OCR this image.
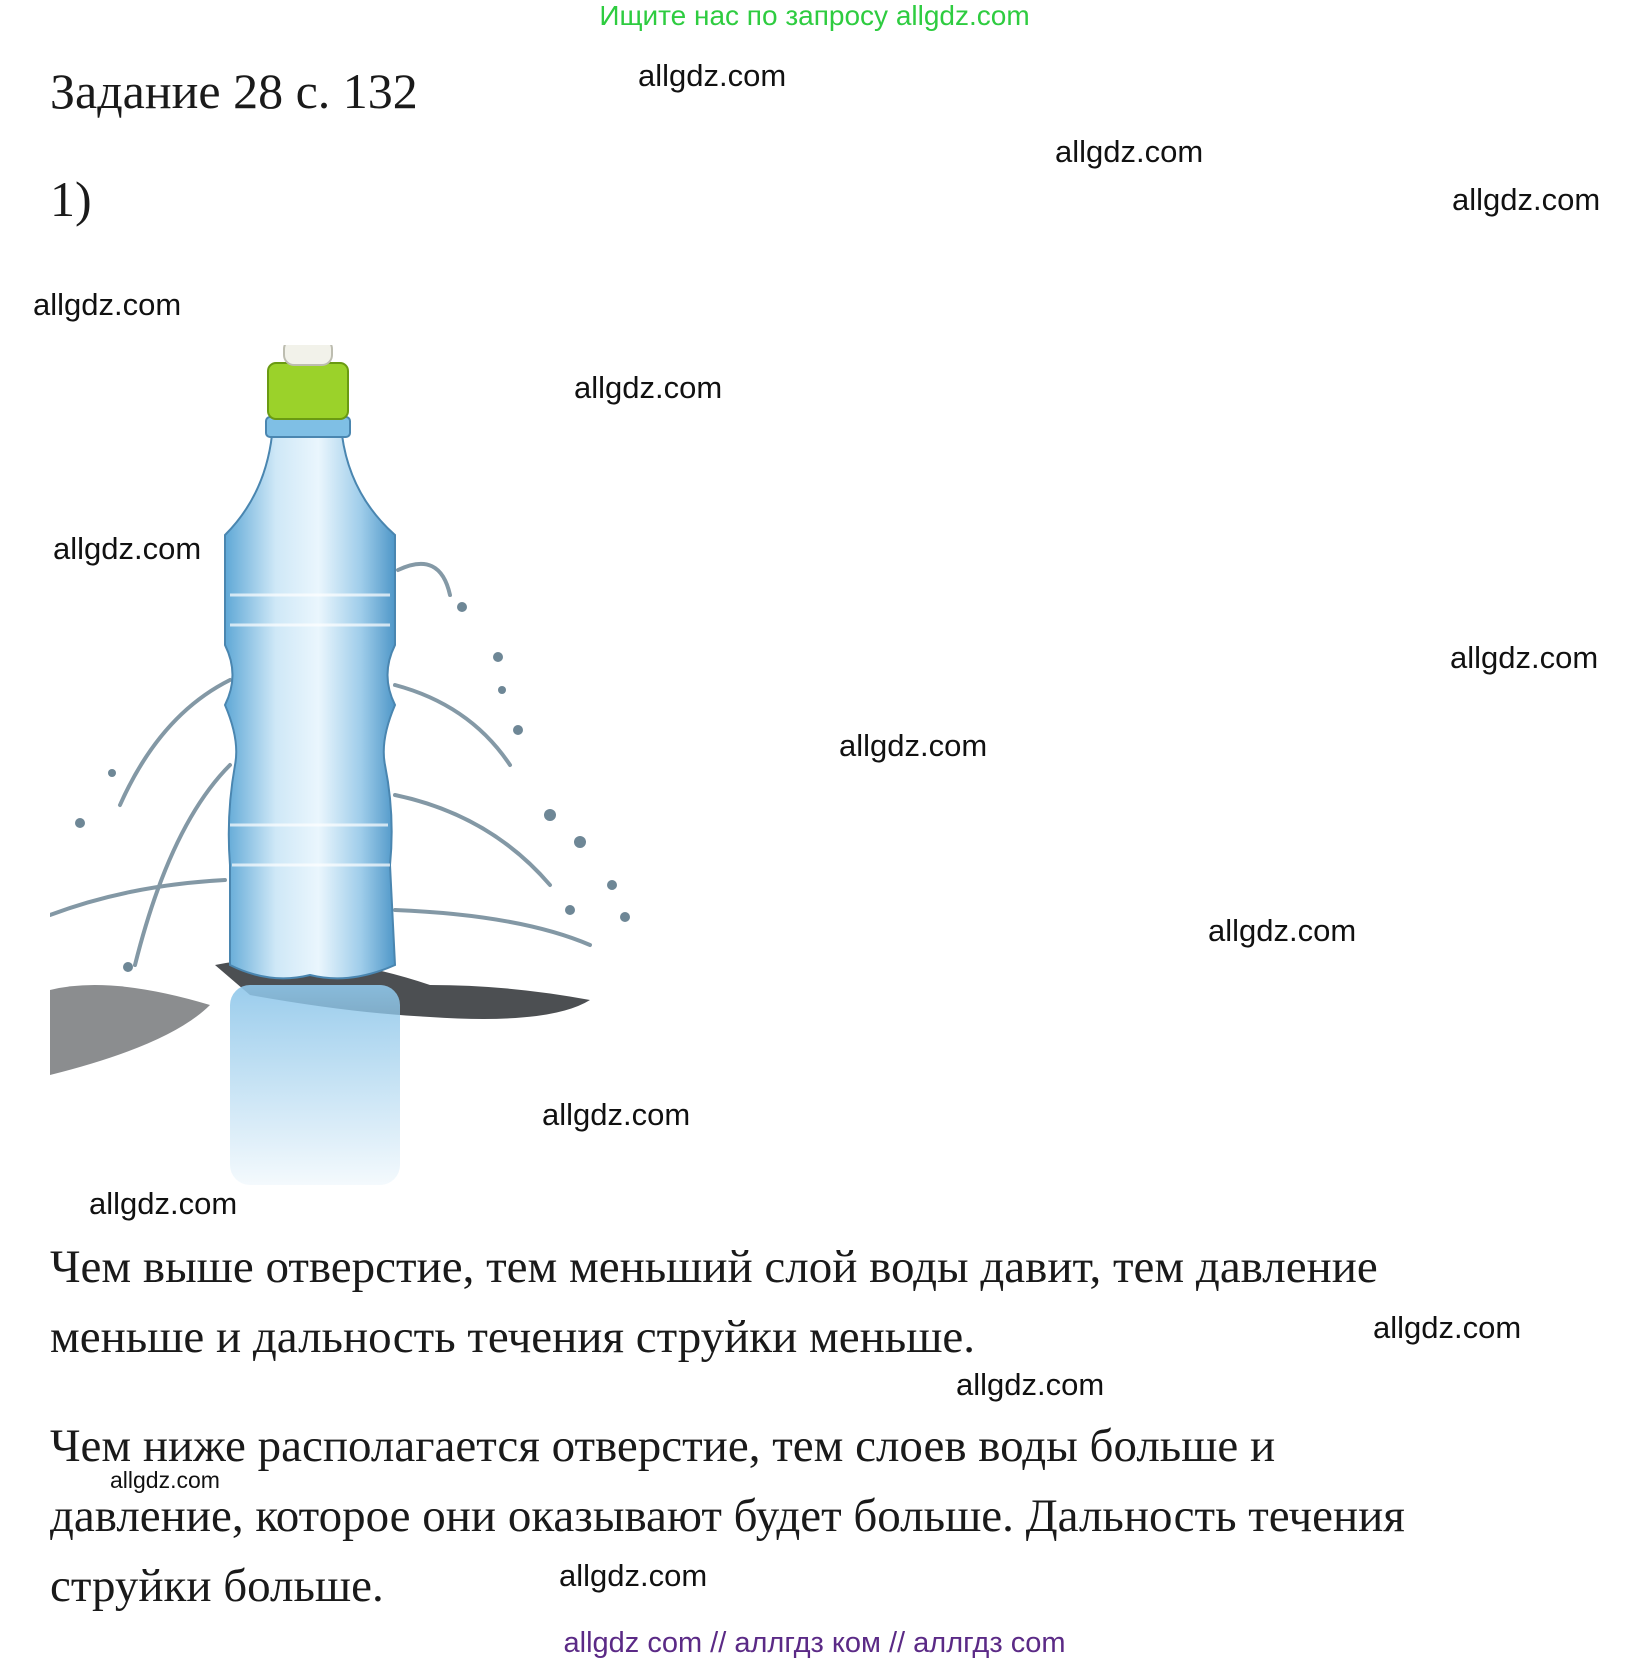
Ищите нас по запросу allgdz.com
Задание 28 с. 132
1)

Чем выше отверстие, тем меньший слой воды давит, тем давление
меньше и дальность течения струйки меньше.

Чем ниже располагается отверстие, тем слоев воды больше и
давление, которое они оказывают будет больше. Дальность течения
струйки больше.

allgdz.com
allgdz.com
allgdz.com
allgdz.com
allgdz.com
allgdz.com
allgdz.com
allgdz.com
allgdz.com
allgdz.com
allgdz.com
allgdz.com
allgdz.com
allgdz.com
allgdz.com
allgdz com // аллгдз ком // аллгдз com
